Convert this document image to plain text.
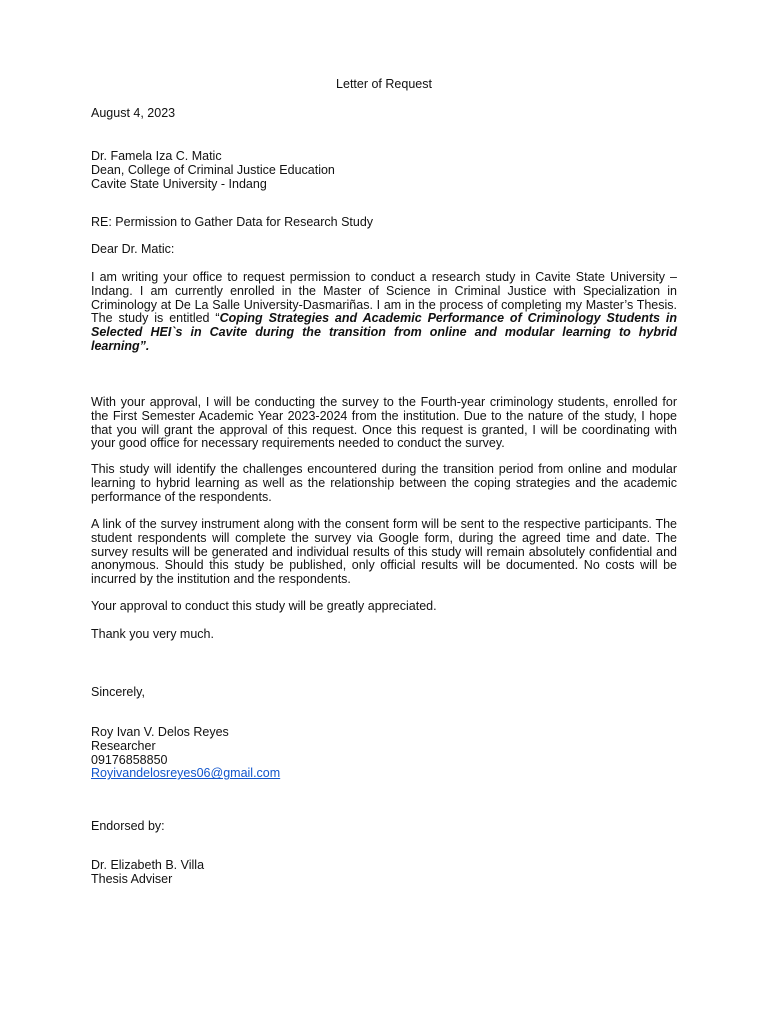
Letter of Request
August 4, 2023
Dr. Famela Iza C. Matic
Dean, College of Criminal Justice Education
Cavite State University - Indang
RE: Permission to Gather Data for Research Study
Dear Dr. Matic:
I am writing your office to request permission to conduct a research study in Cavite State University – Indang. I am currently enrolled in the Master of Science in Criminal Justice with Specialization in Criminology at De La Salle University-Dasmariñas. I am in the process of completing my Master’s Thesis. The study is entitled “Coping Strategies and Academic Performance of Criminology Students in Selected HEI`s in Cavite during the transition from online and modular learning to hybrid learning”.
With your approval, I will be conducting the survey to the Fourth-year criminology students, enrolled for the First Semester Academic Year 2023-2024 from the institution. Due to the nature of the study, I hope that you will grant the approval of this request. Once this request is granted, I will be coordinating with your good office for necessary requirements needed to conduct the survey.
This study will identify the challenges encountered during the transition period from online and modular learning to hybrid learning as well as the relationship between the coping strategies and the academic performance of the respondents.
A link of the survey instrument along with the consent form will be sent to the respective participants. The student respondents will complete the survey via Google form, during the agreed time and date. The survey results will be generated and individual results of this study will remain absolutely confidential and anonymous. Should this study be published, only official results will be documented. No costs will be incurred by the institution and the respondents.
Your approval to conduct this study will be greatly appreciated.
Thank you very much.
Sincerely,
Roy Ivan V. Delos Reyes
Researcher
09176858850
Royivandelosreyes06@gmail.com
Endorsed by:
Dr. Elizabeth B. Villa
Thesis Adviser
